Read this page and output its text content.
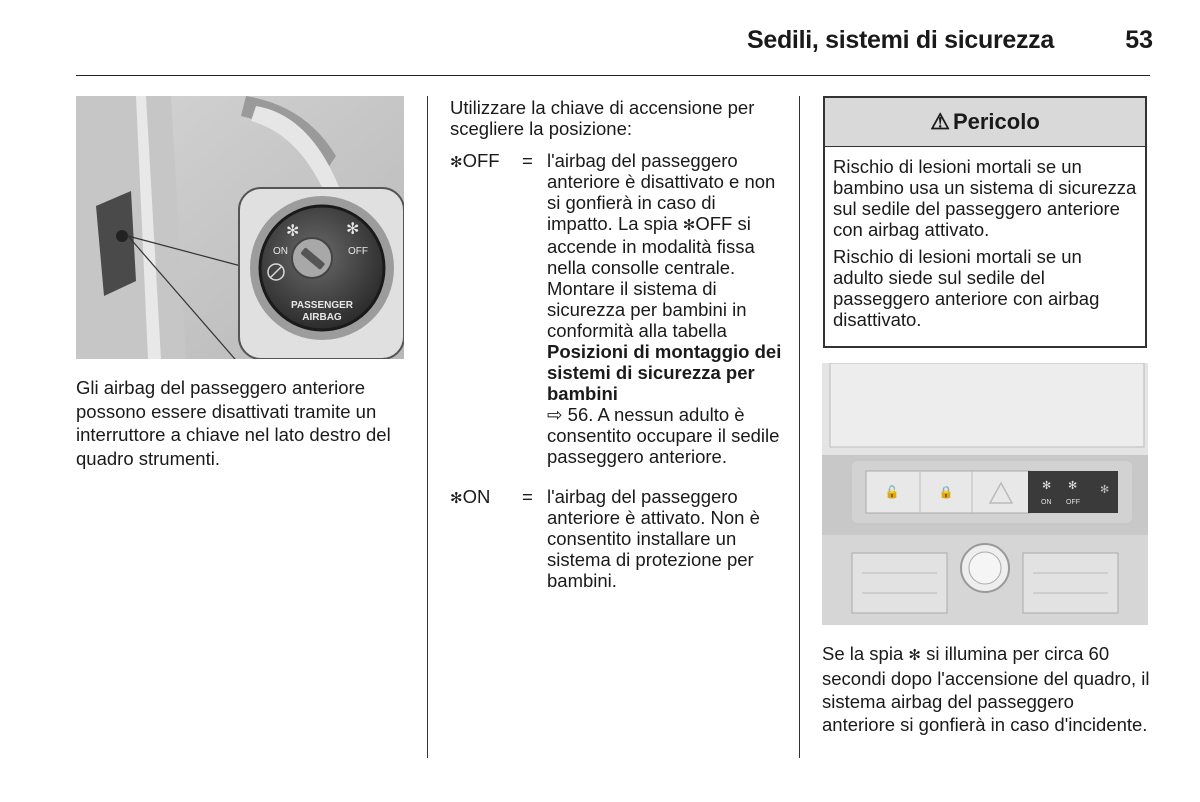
Sedili, sistemi di sicurezza	53
✻	✻
ON	OFF
PASSENGER
AIRBAG
Gli airbag del passeggero anteriore possono essere disattivati tramite un interruttore a chiave nel lato destro del quadro strumenti.
Utilizzare la chiave di accensione per scegliere la posizione:
✻OFF = l'airbag del passeggero anteriore è disattivato e non si gonfierà in caso di impatto. La spia ✻OFF si accende in modalità fissa nella consolle centrale. Montare il sistema di sicurezza per bambini in conformità alla tabella Posizioni di montaggio dei sistemi di sicurezza per bambini
⇨ 56. A nessun adulto è consentito occupare il sedile passeggero anteriore.
✻ON = l'airbag del passeggero anteriore è attivato. Non è consentito installare un sistema di protezione per bambini.
⚠ Pericolo

Rischio di lesioni mortali se un bambino usa un sistema di sicurezza sul sedile del passeggero anteriore con airbag attivato.

Rischio di lesioni mortali se un adulto siede sul sedile del passeggero anteriore con airbag disattivato.

🔓	🔒	✻ ✻ ✻
ON OFF
Se la spia ✻ si illumina per circa 60 secondi dopo l'accensione del quadro, il sistema airbag del passeggero anteriore si gonfierà in caso d'incidente.
